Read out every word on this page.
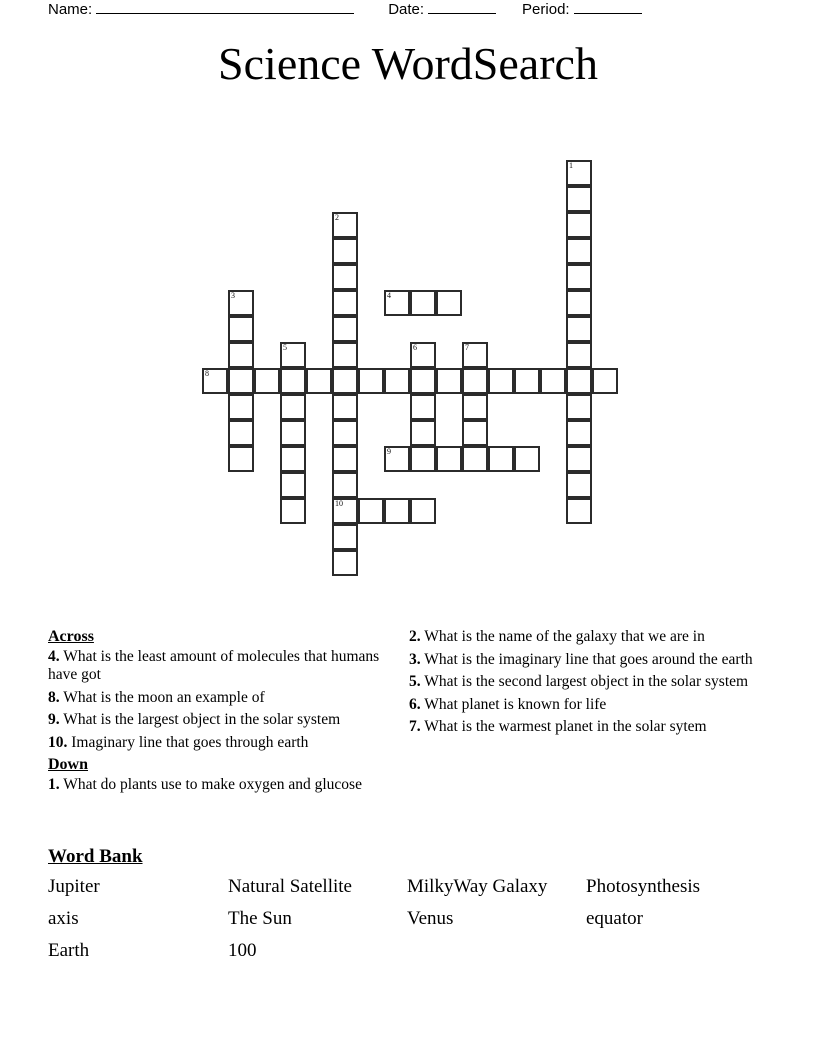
Name:	Date:	Period:
Science WordSearch
1
2
10
3	4
5	6	7
8
9
Across
4. What is the least amount of molecules that humans have got
8. What is the moon an example of
9. What is the largest object in the solar system
10. Imaginary line that goes through earth
Down
1. What do plants use to make oxygen and glucose
2. What is the name of the galaxy that we are in
3. What is the imaginary line that goes around the earth
5. What is the second largest object in the solar system
6. What planet is known for life
7. What is the warmest planet in the solar sytem
Word Bank
Jupiter	Natural Satellite	MilkyWay Galaxy	Photosynthesis
axis	The Sun	Venus	equator
Earth	100
